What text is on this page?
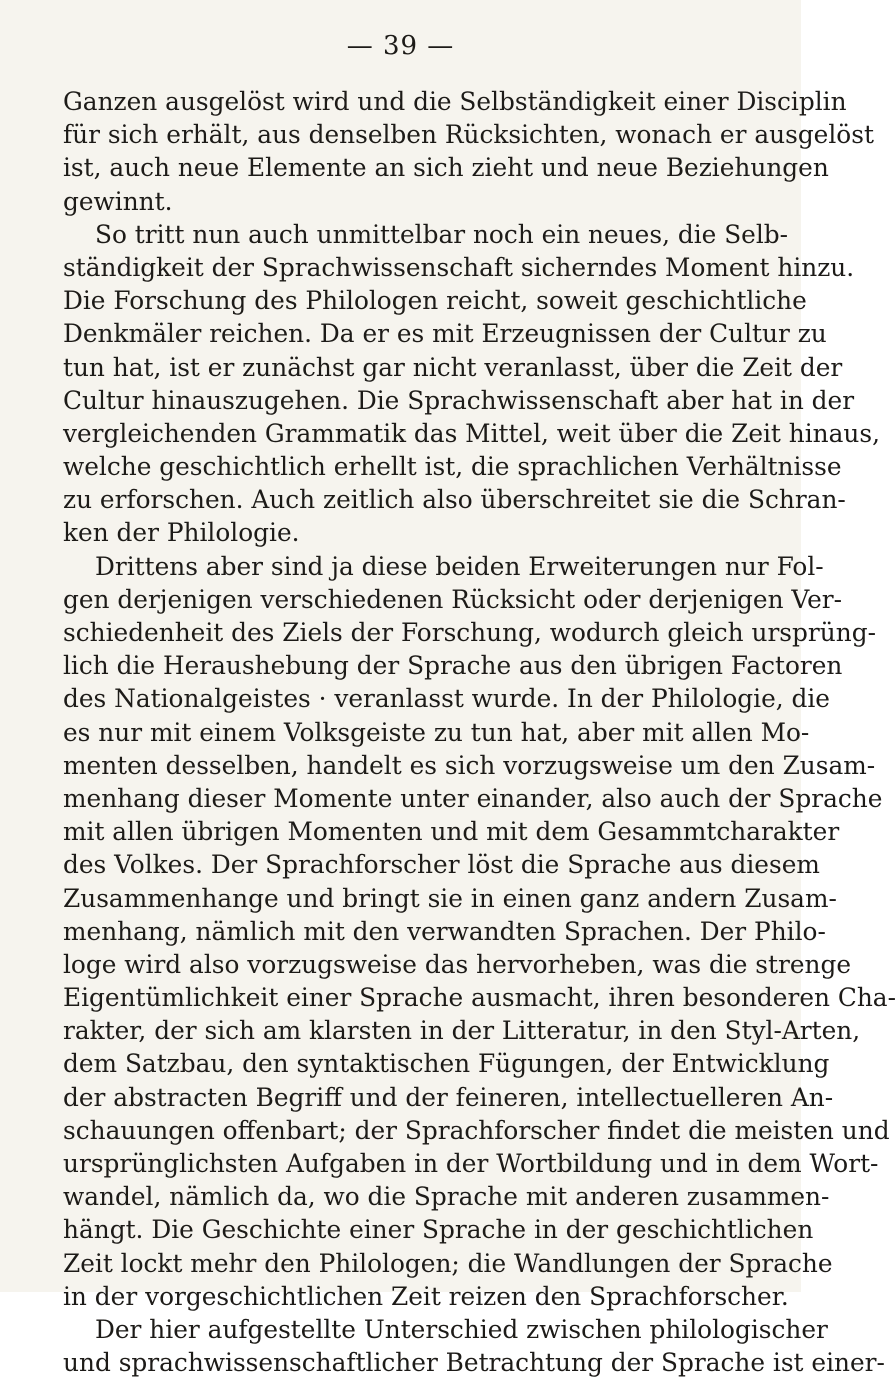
— 39 —
Ganzen ausgelöst wird und die Selbständigkeit einer Disciplin
für sich erhält, aus denselben Rücksichten, wonach er ausgelöst
ist, auch neue Elemente an sich zieht und neue Beziehungen
gewinnt.
So tritt nun auch unmittelbar noch ein neues, die Selb-
ständigkeit der Sprachwissenschaft sicherndes Moment hinzu.
Die Forschung des Philologen reicht, soweit geschichtliche
Denkmäler reichen. Da er es mit Erzeugnissen der Cultur zu
tun hat, ist er zunächst gar nicht veranlasst, über die Zeit der
Cultur hinauszugehen. Die Sprachwissenschaft aber hat in der
vergleichenden Grammatik das Mittel, weit über die Zeit hinaus,
welche geschichtlich erhellt ist, die sprachlichen Verhältnisse
zu erforschen. Auch zeitlich also überschreitet sie die Schran-
ken der Philologie.
Drittens aber sind ja diese beiden Erweiterungen nur Fol-
gen derjenigen verschiedenen Rücksicht oder derjenigen Ver-
schiedenheit des Ziels der Forschung, wodurch gleich ursprüng-
lich die Heraushebung der Sprache aus den übrigen Factoren
des Nationalgeistes · veranlasst wurde. In der Philologie, die
es nur mit einem Volksgeiste zu tun hat, aber mit allen Mo-
menten desselben, handelt es sich vorzugsweise um den Zusam-
menhang dieser Momente unter einander, also auch der Sprache
mit allen übrigen Momenten und mit dem Gesammtcharakter
des Volkes. Der Sprachforscher löst die Sprache aus diesem
Zusammenhange und bringt sie in einen ganz andern Zusam-
menhang, nämlich mit den verwandten Sprachen. Der Philo-
loge wird also vorzugsweise das hervorheben, was die strenge
Eigentümlichkeit einer Sprache ausmacht, ihren besonderen Cha-
rakter, der sich am klarsten in der Litteratur, in den Styl-Arten,
dem Satzbau, den syntaktischen Fügungen, der Entwicklung
der abstracten Begriff und der feineren, intellectuelleren An-
schauungen offenbart; der Sprachforscher findet die meisten und
ursprünglichsten Aufgaben in der Wortbildung und in dem Wort-
wandel, nämlich da, wo die Sprache mit anderen zusammen-
hängt. Die Geschichte einer Sprache in der geschichtlichen
Zeit lockt mehr den Philologen; die Wandlungen der Sprache
in der vorgeschichtlichen Zeit reizen den Sprachforscher.
Der hier aufgestellte Unterschied zwischen philologischer
und sprachwissenschaftlicher Betrachtung der Sprache ist einer-
